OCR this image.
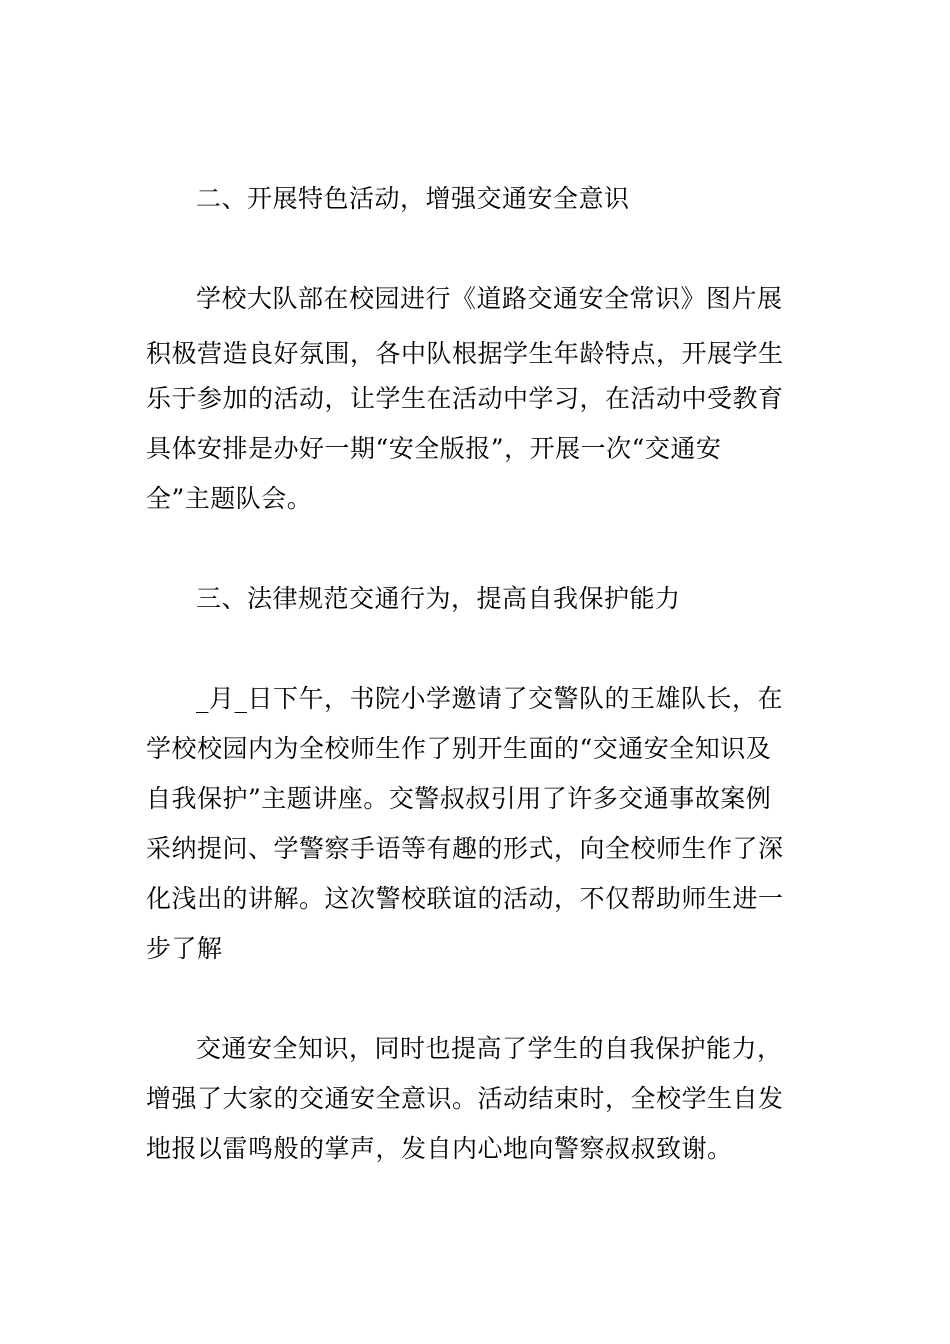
二、开展特色活动，增强交通安全意识
学校大队部在校园进行《道路交通安全常识》图片展
积极营造良好氛围，各中队根据学生年龄特点，开展学生
乐于参加的活动，让学生在活动中学习，在活动中受教育
具体安排是办好一期“安全版报”，开展一次“交通安
全”主题队会。
三、法律规范交通行为，提高自我保护能力
_月_日下午，书院小学邀请了交警队的王雄队长，在
学校校园内为全校师生作了别开生面的“交通安全知识及
自我保护”主题讲座。交警叔叔引用了许多交通事故案例
采纳提问、学警察手语等有趣的形式，向全校师生作了深
化浅出的讲解。这次警校联谊的活动，不仅帮助师生进一
步了解
交通安全知识，同时也提高了学生的自我保护能力，
增强了大家的交通安全意识。活动结束时，全校学生自发
地报以雷鸣般的掌声，发自内心地向警察叔叔致谢。
